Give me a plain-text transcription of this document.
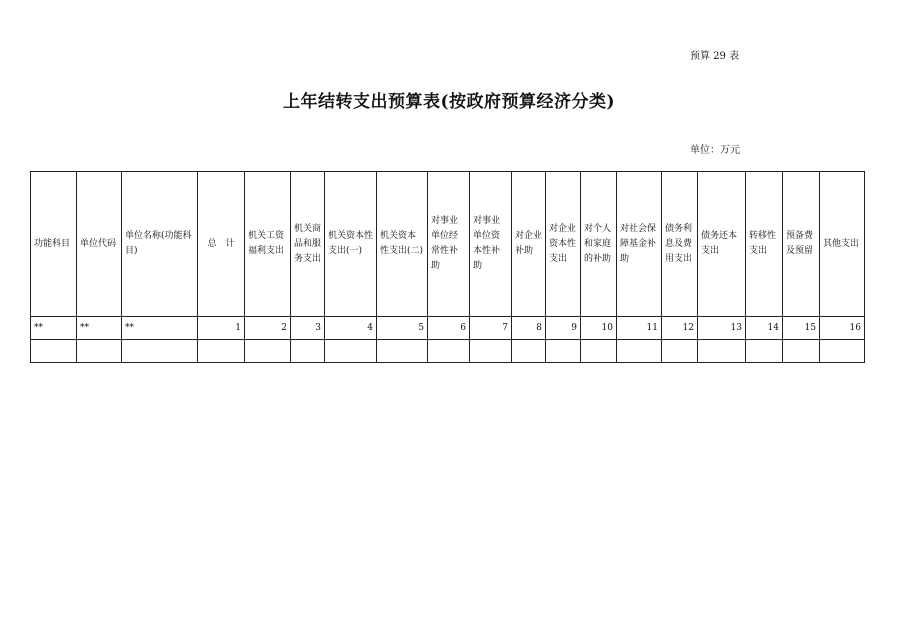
预算 29 表
上年结转支出预算表(按政府预算经济分类)
单位：万元
功能科目	单位代码	单位名称(功能科目)	总　计	机关工资福利支出	机关商品和服务支出	机关资本性支出(一)	机关资本性支出(二)	对事业单位经常性补助	对事业单位资本性补助	对企业补助	对企业资本性支出	对个人和家庭的补助	对社会保障基金补助	债务利息及费用支出	债务还本支出	转移性支出	预备费及预留	其他支出
**	**	**	1	2	3	4	5	6	7	8	9	10	11	12	13	14	15	16
